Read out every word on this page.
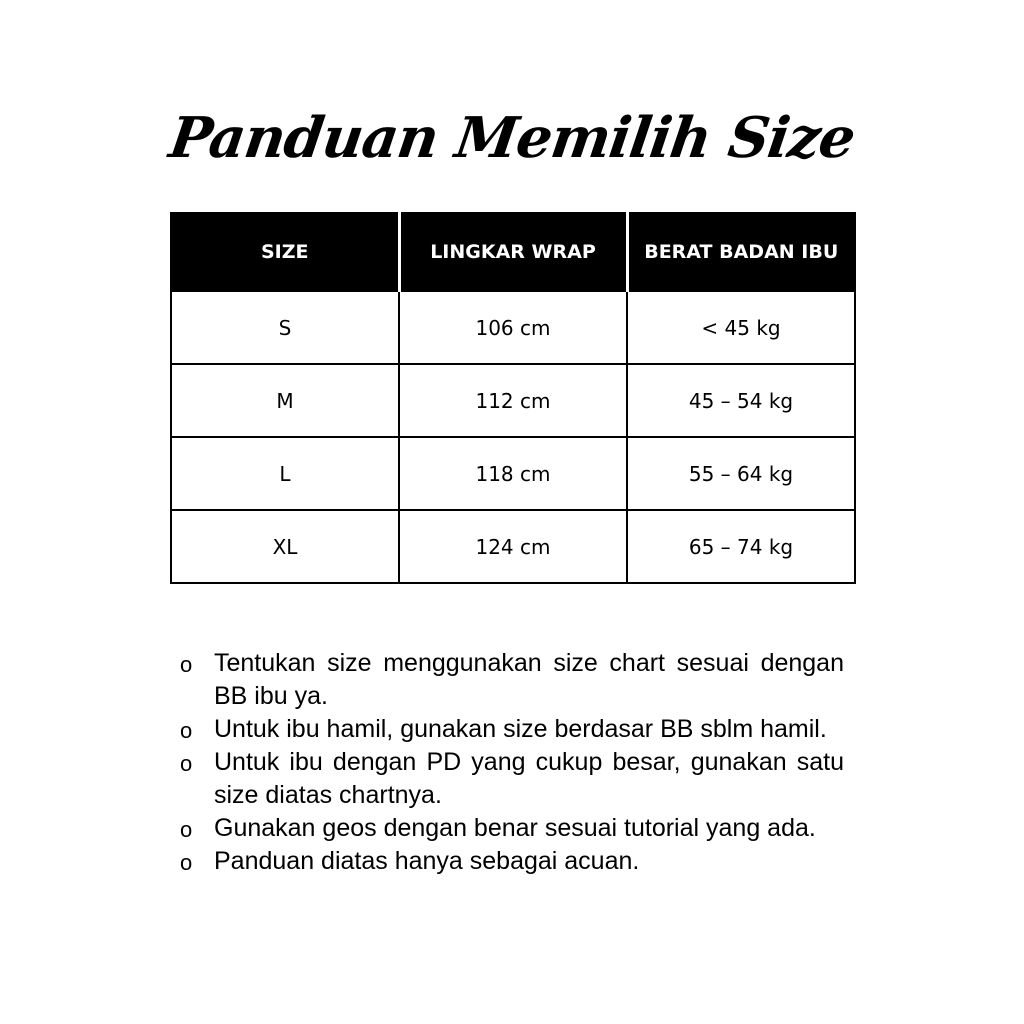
Panduan Memilih Size
SIZE	LINGKAR WRAP	BERAT BADAN IBU
S	106 cm	< 45 kg
M	112 cm	45 – 54 kg
L	118 cm	55 – 64 kg
XL	124 cm	65 – 74 kg
o Tentukan size menggunakan size chart sesuai dengan BB ibu ya.
o Untuk ibu hamil, gunakan size berdasar BB sblm hamil.
o Untuk ibu dengan PD yang cukup besar, gunakan satu size diatas chartnya.
o Gunakan geos dengan benar sesuai tutorial yang ada.
o Panduan diatas hanya sebagai acuan.
